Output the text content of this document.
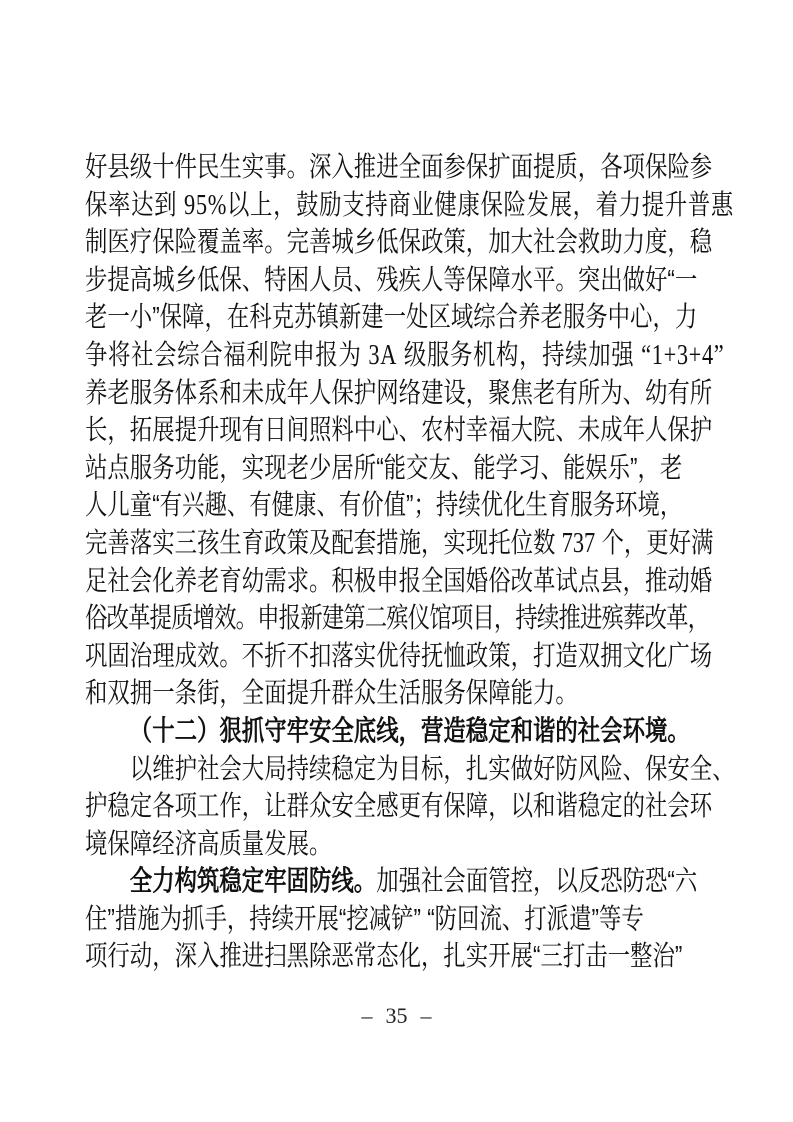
好县级十件民生实事。深入推进全面参保扩面提质，各项保险参
保率达到 95%以上，鼓励支持商业健康保险发展，着力提升普惠
制医疗保险覆盖率。完善城乡低保政策，加大社会救助力度，稳
步提高城乡低保、特困人员、残疾人等保障水平。突出做好“一
老一小”保障，在科克苏镇新建一处区域综合养老服务中心，力
争将社会综合福利院申报为 3A 级服务机构，持续加强 “1+3+4”
养老服务体系和未成年人保护网络建设，聚焦老有所为、幼有所
长，拓展提升现有日间照料中心、农村幸福大院、未成年人保护
站点服务功能，实现老少居所“能交友、能学习、能娱乐”，老
人儿童“有兴趣、有健康、有价值”；持续优化生育服务环境，
完善落实三孩生育政策及配套措施，实现托位数 737 个，更好满
足社会化养老育幼需求。积极申报全国婚俗改革试点县，推动婚
俗改革提质增效。申报新建第二殡仪馆项目，持续推进殡葬改革，
巩固治理成效。不折不扣落实优待抚恤政策，打造双拥文化广场
和双拥一条街，全面提升群众生活服务保障能力。
（十二）狠抓守牢安全底线，营造稳定和谐的社会环境。
以维护社会大局持续稳定为目标，扎实做好防风险、保安全、
护稳定各项工作，让群众安全感更有保障，以和谐稳定的社会环
境保障经济高质量发展。
全力构筑稳定牢固防线。加强社会面管控，以反恐防恐“六
住”措施为抓手，持续开展“挖减铲” “防回流、打派遣”等专
项行动，深入推进扫黑除恶常态化，扎实开展“三打击一整治”
– 35 –
